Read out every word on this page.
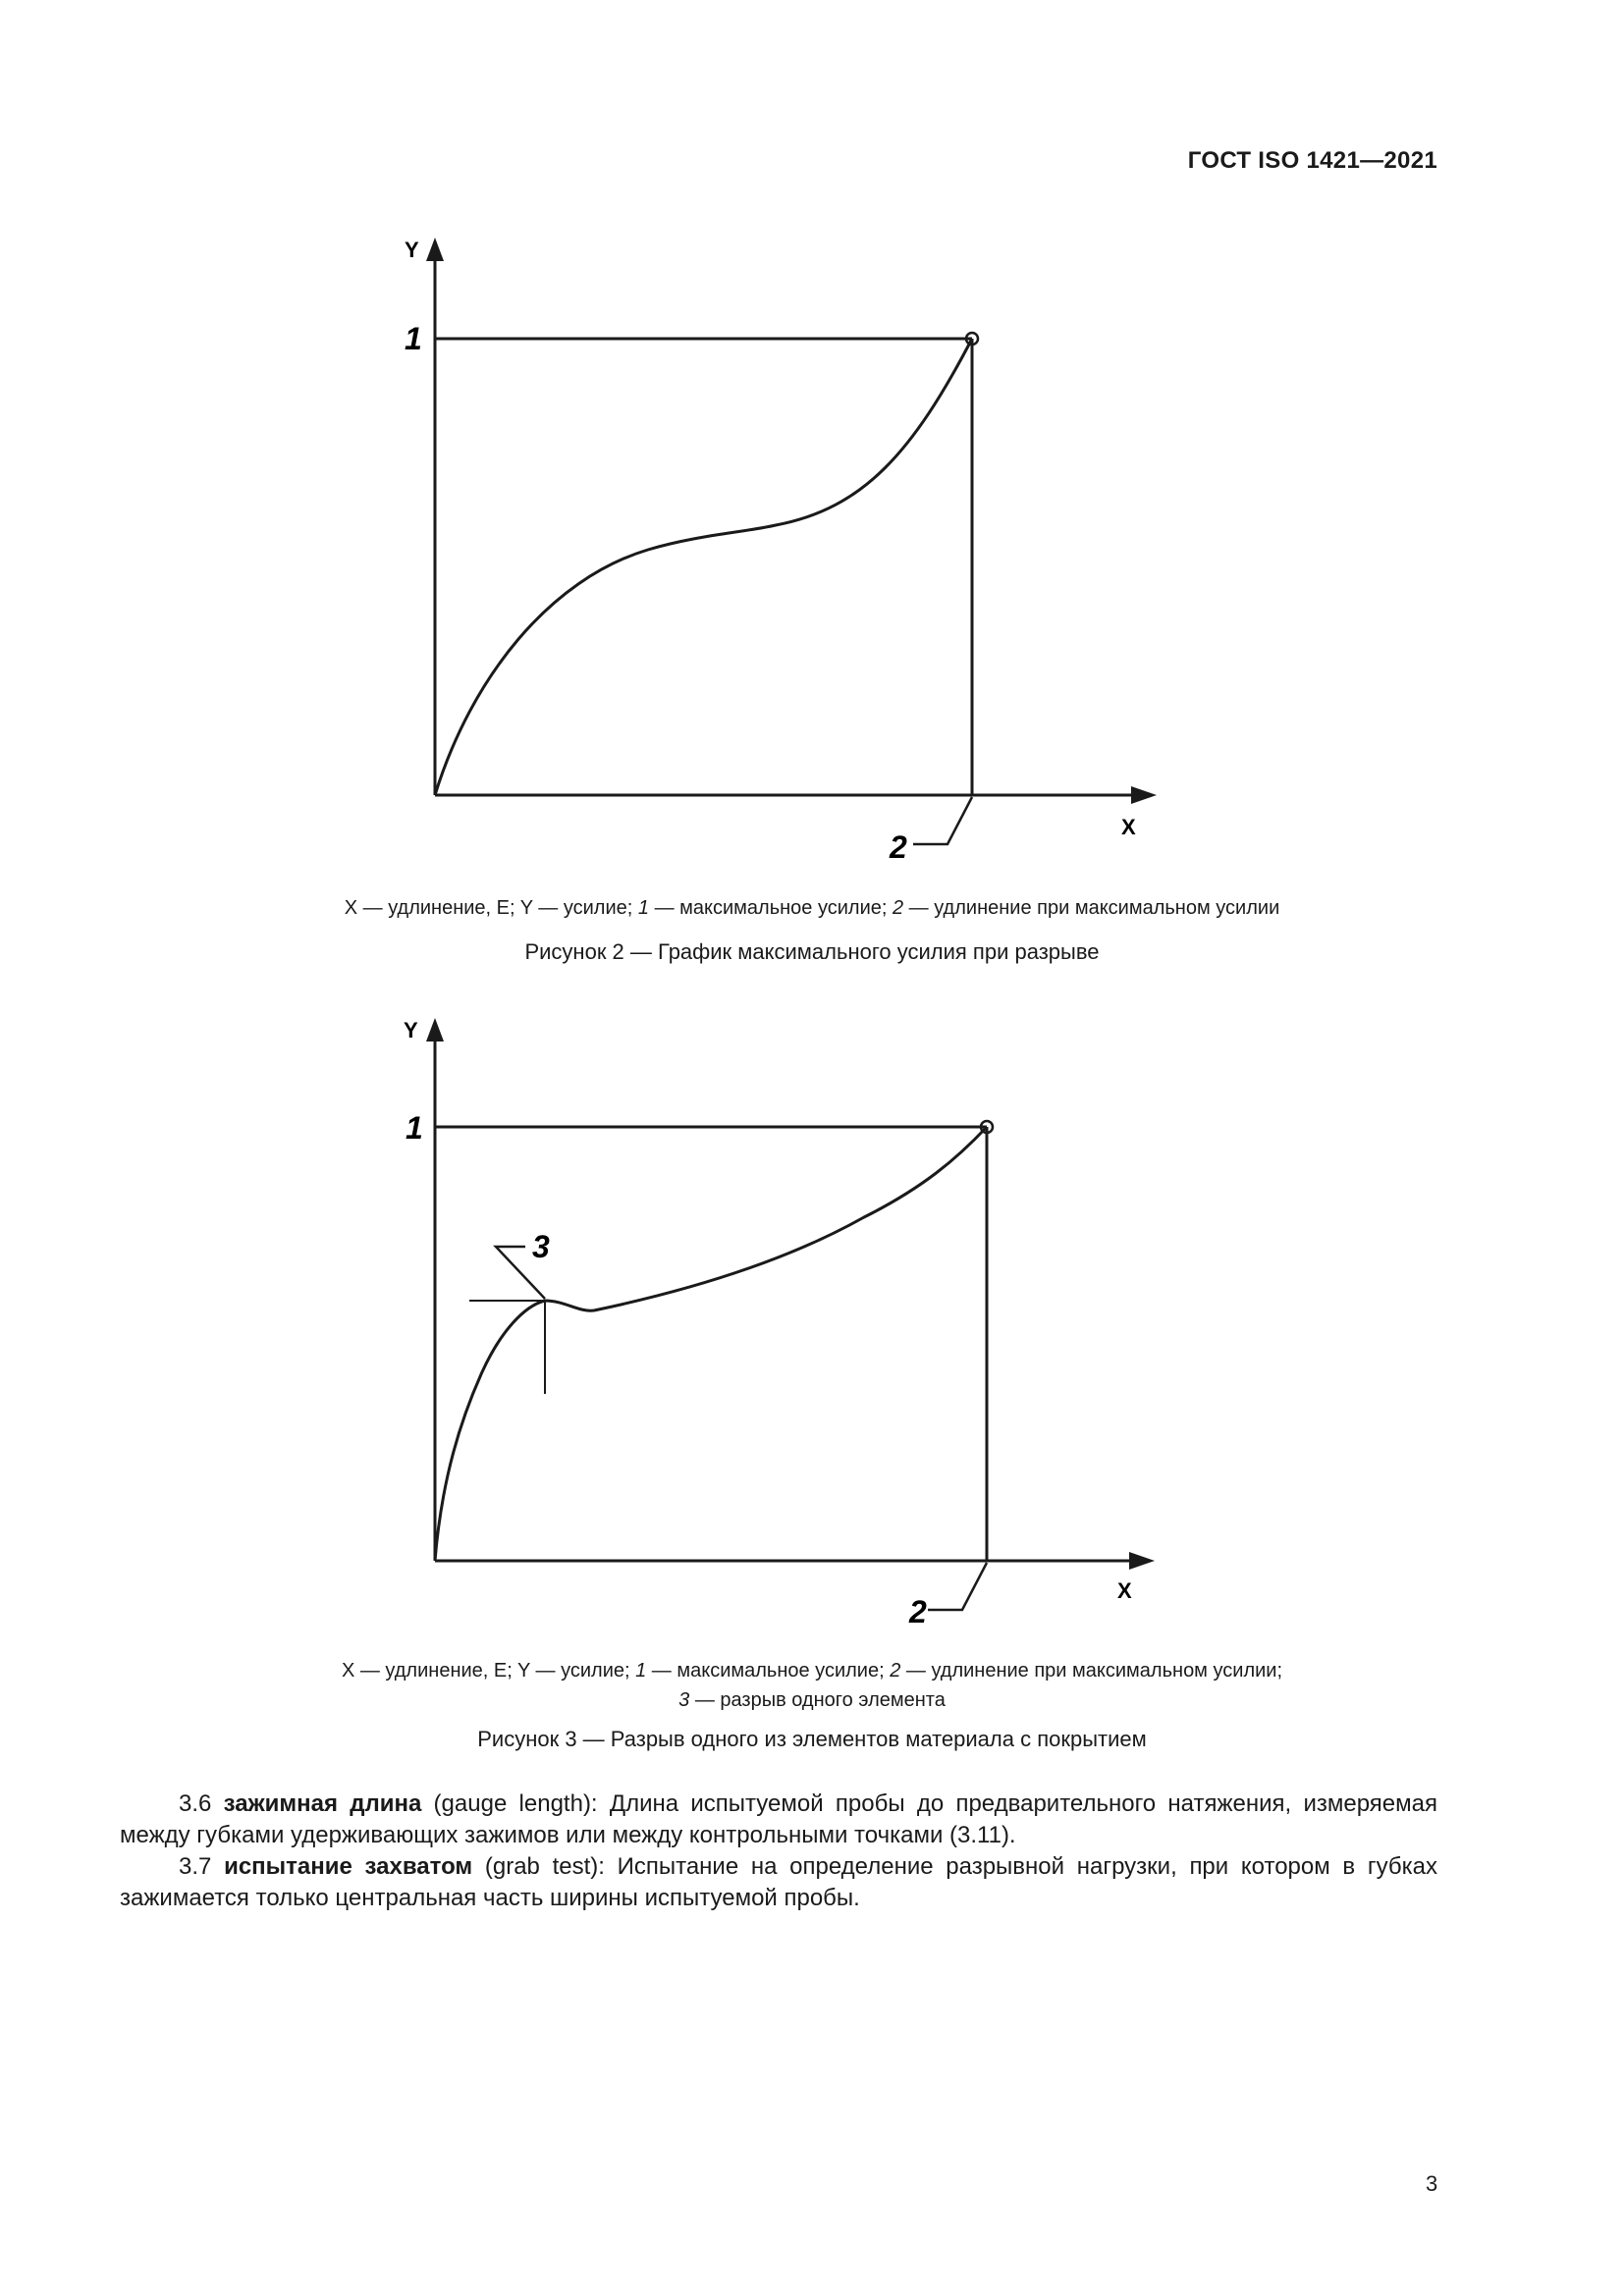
ГОСТ ISO 1421—2021
Y
X
1
2
X — удлинение, E; Y — усилие; 1 — максимальное усилие; 2 — удлинение при максимальном усилии
Рисунок 2 — График максимального усилия при разрыве
Y
X
1
3
2
X — удлинение, E; Y — усилие; 1 — максимальное усилие; 2 — удлинение при максимальном усилии;
3 — разрыв одного элемента
Рисунок 3 — Разрыв одного из элементов материала с покрытием

3.6 зажимная длина (gauge length): Длина испытуемой пробы до предварительного натяжения, измеряемая между губками удерживающих зажимов или между контрольными точками (3.11).

3.7 испытание захватом (grab test): Испытание на определение разрывной нагрузки, при котором в губках зажимается только центральная часть ширины испытуемой пробы.

3
